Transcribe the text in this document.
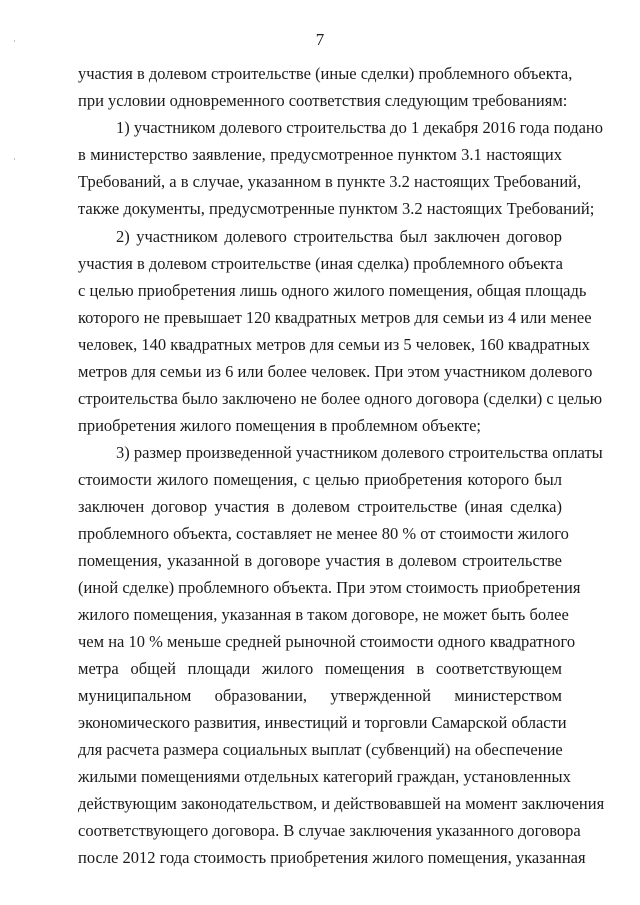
7
участия в долевом строительстве (иные сделки) проблемного объекта,
при условии одновременного соответствия следующим требованиям:
1) участником долевого строительства до 1 декабря 2016 года подано
в министерство заявление, предусмотренное пунктом 3.1 настоящих
Требований, а в случае, указанном в пункте 3.2 настоящих Требований,
также документы, предусмотренные пунктом 3.2 настоящих Требований;
2) участником долевого строительства был заключен договор
участия в долевом строительстве (иная сделка) проблемного объекта
с целью приобретения лишь одного жилого помещения, общая площадь
которого не превышает 120 квадратных метров для семьи из 4 или менее
человек, 140 квадратных метров для семьи из 5 человек, 160 квадратных
метров для семьи из 6 или более человек. При этом участником долевого
строительства было заключено не более одного договора (сделки) с целью
приобретения жилого помещения в проблемном объекте;
3) размер произведенной участником долевого строительства оплаты
стоимости жилого помещения, с целью приобретения которого был
заключен договор участия в долевом строительстве (иная сделка)
проблемного объекта, составляет не менее 80 % от стоимости жилого
помещения, указанной в договоре участия в долевом строительстве
(иной сделке) проблемного объекта. При этом стоимость приобретения
жилого помещения, указанная в таком договоре, не может быть более
чем на 10 % меньше средней рыночной стоимости одного квадратного
метра общей площади жилого помещения в соответствующем
муниципальном образовании, утвержденной министерством
экономического развития, инвестиций и торговли Самарской области
для расчета размера социальных выплат (субвенций) на обеспечение
жилыми помещениями отдельных категорий граждан, установленных
действующим законодательством, и действовавшей на момент заключения
соответствующего договора. В случае заключения указанного договора
после 2012 года стоимость приобретения жилого помещения, указанная
